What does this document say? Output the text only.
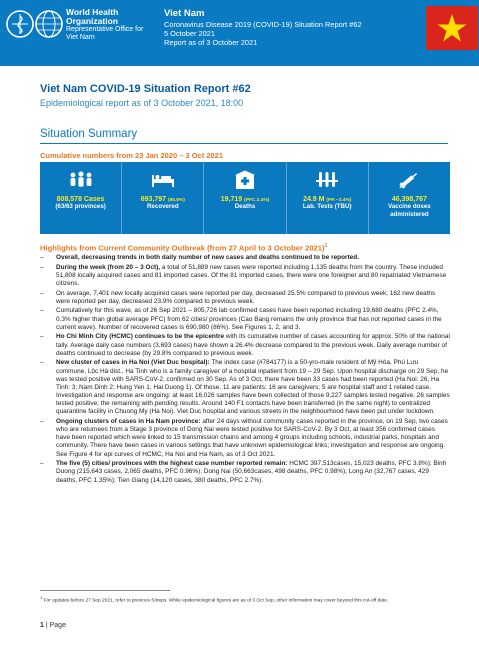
World Health Organization
Representative Office for Viet Nam
Viet Nam
Coronavirus Disease 2019 (COVID-19) Situation Report #62
5 October 2021
Report as of 3 October 2021
Viet Nam COVID-19 Situation Report #62
Epidemiological report as of 3 October 2021, 18:00
Situation Summary
Cumulative numbers from 23 Jan 2020 – 3 Oct 2021
808,578 Cases
(63/63 provinces)
693,797 (85.8%)
Recovered
19,719 (PFC 2.4%)
Deaths
24.9 M (PR ~2.4%)
Lab. Tests (TBU)
46,398,767
Vaccine doses administered
Highlights from Current Community Outbreak (from 27 April to 3 October 2021)$^1$
– Overall, decreasing trends in both daily number of new cases and deaths continued to be reported.
– During the week (from 20 – 3 Oct), a total of 51,889 new cases were reported including 1,135 deaths from the country. These included 51,808 locally acquired cases and 81 imported cases. Of the 81 imported cases, there were one foreigner and 80 repatriated Vietnamese citizens.
– On average, 7,401 new locally acquired cases were reported per day, decreased 25.5% compared to previous week; 162 new deaths were reported per day, decreased 23.9% compared to previous week.
– Cumulatively for this wave, as of 26 Sep 2021 – 805,726 lab confirmed cases have been reported including 19,680 deaths (PFC 2.4%, 0.3% higher than global average PFC) from 62 cities/ provinces (Cao Bang remains the only province that has not reported cases in the current wave). Number of recovered cases is 690,980 (86%). See Figures 1, 2, and 3.
– Ho Chi Minh City (HCMC) continues to be the epicentre with its cumulative number of cases accounting for approx. 50% of the national tally. Average daily case numbers (3,693 cases) have shown a 26.4% decrease compared to the previous week. Daily average number of deaths continued to decrease (by 29.8% compared to previous week.
– New cluster of cases in Ha Noi (Viet Duc hospital): The index case (#784177) is a 50-yro-male resident of Mỹ Hòa, Phú Lưu commune, Lộc Hà dist., Ha Tinh who is a family caregiver of a hospital inpatient from 19 – 29 Sep. Upon hospital discharge on 29 Sep, he was tested positive with SARS-CoV-2, confirmed on 30 Sep. As of 3 Oct, there have been 33 cases had been reported (Ha Noi: 26; Ha Tinh: 3; Nam Dinh 2; Hung Yen 1; Hai Duong 1). Of those, 11 are patients; 16 are caregivers; 5 are hospital staff and 1 related case. Investigation and response are ongoing: at least 16,026 samples have been collected of those 9,227 samples tested negative, 26 samples tested positive; the remaining with pending results. Around 140 F1 contacts have been transferred (in the same night) to centralized quarantine facility in Chuong My (Ha Noi). Viet Duc hospital and various streets in the neighbourhood have been put under lockdown.
– Ongoing clusters of cases in Ha Nam province: after 24 days without community cases reported in the province, on 19 Sep, two cases who are returnees from a Stage 3 province of Dong Nai were tested positive for SARS-CoV-2. By 3 Oct, at least 356 confirmed cases have been reported which were linked to 15 transmission chains and among 4 groups including schools, industrial parks, hospitals and community. There have been cases in various settings that have unknown epidemiological links; investigation and response are ongoing. See Figure 4 for epi curves of HCMC, Ha Noi and Ha Nam, as of 3 Oct 2021.
– The five (5) cities/ provinces with the highest case number reported remain: HCMC 397,513cases, 15,023 deaths, PFC 3.8%); Binh Duong (215,643 cases, 2,065 deaths, PFC 0.96%); Dong Nai (50,663cases, 498 deaths, PFC 0.98%); Long An (32,767 cases, 429 deaths, PFC 1.35%); Tien Giang (14,120 cases, 380 deaths, PFC 2.7%).
$^1$ For updates before 27 Sep 2021, refer to previous Sitreps. While epidemiological figures are as of 3 Oct Sep, other information may cover beyond this cut-off date.
1 | Page
